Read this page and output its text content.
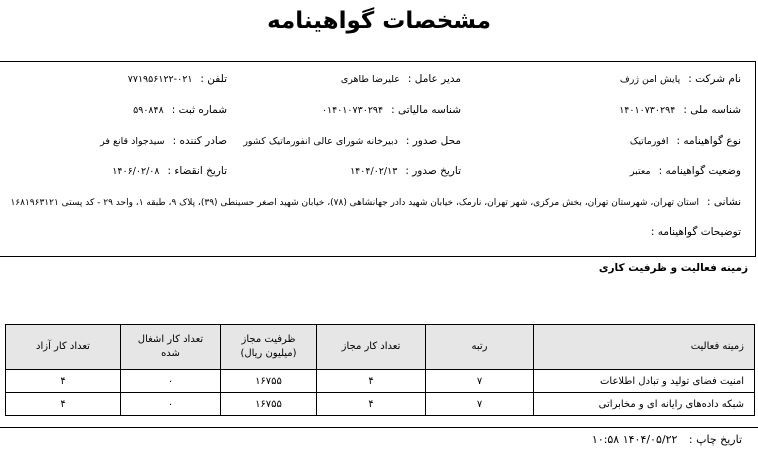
مشخصات گواهینامه
نام شرکت :پایش امن ژرف
مدیر عامل :علیرضا طاهری
تلفن :۰۲۱-۷۷۱۹۵۶۱۲۲
شناسه ملی :۱۴۰۱۰۷۳۰۲۹۴
شناسه مالیاتی :۰۱۴۰۱۰۷۳۰۲۹۴
شماره ثبت :۵۹۰۸۴۸
نوع گواهینامه :افورماتیک
محل صدور :دبیرخانه شورای عالی انفورماتیک کشور
صادر کننده :سیدجواد قانع فر
وضعیت گواهینامه :معتبر
تاریخ صدور :۱۴۰۴/۰۲/۱۳
تاریخ انقضاء :۱۴۰۶/۰۲/۰۸
نشانی :استان تهران، شهرستان تهران، بخش مرکزی، شهر تهران، نارمک، خیابان شهید دادر جهانشاهی (۷۸)، خیابان شهید اصغر حسینطی (۳۹)، پلاک ۹، طبقه ۱، واحد ۲۹ - کد پستی ۱۶۸۱۹۶۳۱۲۱
توضیحات گواهینامه :
زمینه فعالیت و ظرفیت کاری
زمینه فعالیت	رتبه	تعداد کار مجاز	ظرفیت مجاز (میلیون ریال)	تعداد کار اشغال شده	تعداد کار آزاد
امنیت فضای تولید و تبادل اطلاعات	۷	۴	۱۶۷۵۵	۰	۴
شبکه داده‌های رایانه ای و مخابراتی	۷	۴	۱۶۷۵۵	۰	۴
تاریخ چاپ : ۱۴۰۴/۰۵/۲۲ ۱۰:۵۸
